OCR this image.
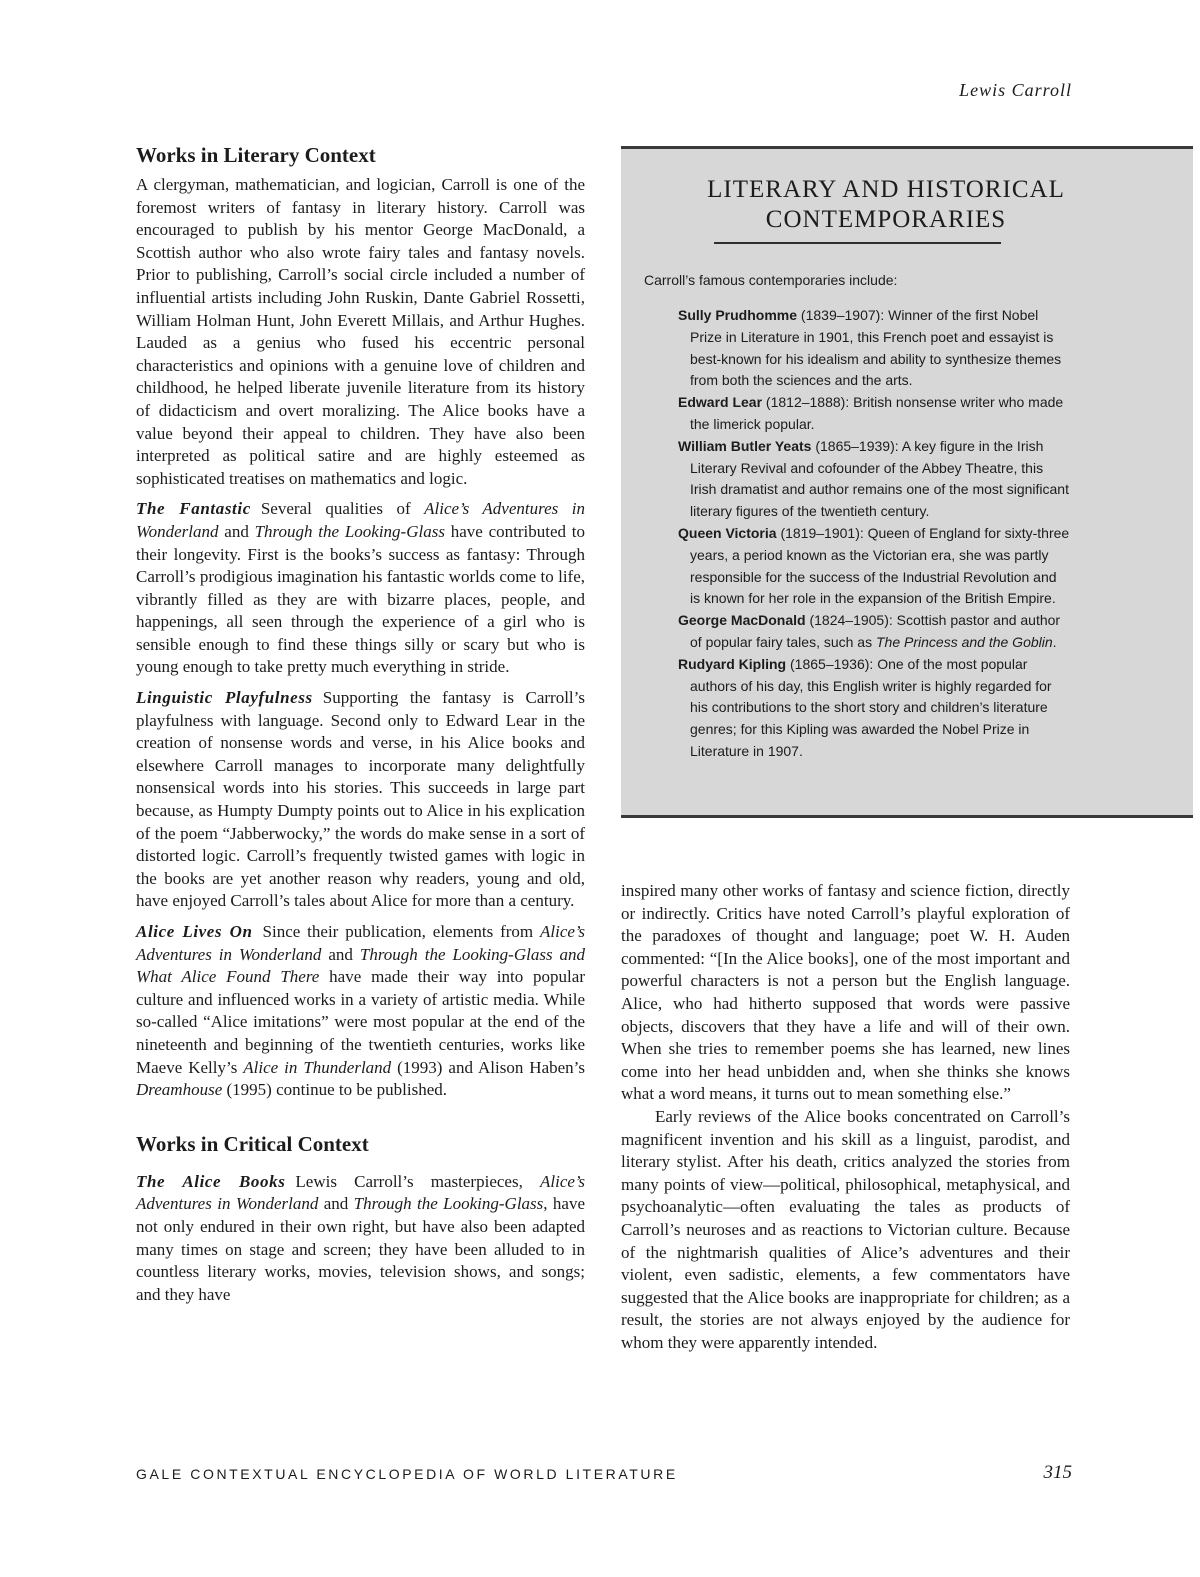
Lewis Carroll
Works in Literary Context

A clergyman, mathematician, and logician, Carroll is one of the foremost writers of fantasy in literary history. Carroll was encouraged to publish by his mentor George MacDonald, a Scottish author who also wrote fairy tales and fantasy novels. Prior to publishing, Carroll’s social circle included a number of influential artists including John Ruskin, Dante Gabriel Rossetti, William Holman Hunt, John Everett Millais, and Arthur Hughes. Lauded as a genius who fused his eccentric personal characteristics and opinions with a genuine love of children and childhood, he helped liberate juvenile literature from its history of didacticism and overt moralizing. The Alice books have a value beyond their appeal to children. They have also been interpreted as political satire and are highly esteemed as sophisticated treatises on mathematics and logic.

The Fantastic Several qualities of Alice’s Adventures in Wonderland and Through the Looking-Glass have contributed to their longevity. First is the books’s success as fantasy: Through Carroll’s prodigious imagination his fantastic worlds come to life, vibrantly filled as they are with bizarre places, people, and happenings, all seen through the experience of a girl who is sensible enough to find these things silly or scary but who is young enough to take pretty much everything in stride.

Linguistic Playfulness Supporting the fantasy is Carroll’s playfulness with language. Second only to Edward Lear in the creation of nonsense words and verse, in his Alice books and elsewhere Carroll manages to incorporate many delightfully nonsensical words into his stories. This succeeds in large part because, as Humpty Dumpty points out to Alice in his explication of the poem “Jabberwocky,” the words do make sense in a sort of distorted logic. Carroll’s frequently twisted games with logic in the books are yet another reason why readers, young and old, have enjoyed Carroll’s tales about Alice for more than a century.

Alice Lives On Since their publication, elements from Alice’s Adventures in Wonderland and Through the Looking-Glass and What Alice Found There have made their way into popular culture and influenced works in a variety of artistic media. While so-called “Alice imitations” were most popular at the end of the nineteenth and beginning of the twentieth centuries, works like Maeve Kelly’s Alice in Thunderland (1993) and Alison Haben’s Dreamhouse (1995) continue to be published.

Works in Critical Context

The Alice Books Lewis Carroll’s masterpieces, Alice’s Adventures in Wonderland and Through the Looking-Glass, have not only endured in their own right, but have also been adapted many times on stage and screen; they have been alluded to in countless literary works, movies, television shows, and songs; and they have

LITERARY AND HISTORICAL
CONTEMPORARIES
Carroll’s famous contemporaries include:

Sully Prudhomme (1839–1907): Winner of the first Nobel Prize in Literature in 1901, this French poet and essayist is best-known for his idealism and ability to synthesize themes from both the sciences and the arts.

Edward Lear (1812–1888): British nonsense writer who made the limerick popular.

William Butler Yeats (1865–1939): A key figure in the Irish Literary Revival and cofounder of the Abbey Theatre, this Irish dramatist and author remains one of the most significant literary figures of the twentieth century.

Queen Victoria (1819–1901): Queen of England for sixty-three years, a period known as the Victorian era, she was partly responsible for the success of the Industrial Revolution and is known for her role in the expansion of the British Empire.

George MacDonald (1824–1905): Scottish pastor and author of popular fairy tales, such as The Princess and the Goblin.

Rudyard Kipling (1865–1936): One of the most popular authors of his day, this English writer is highly regarded for his contributions to the short story and children’s literature genres; for this Kipling was awarded the Nobel Prize in Literature in 1907.

inspired many other works of fantasy and science fiction, directly or indirectly. Critics have noted Carroll’s playful exploration of the paradoxes of thought and language; poet W. H. Auden commented: “[In the Alice books], one of the most important and powerful characters is not a person but the English language. Alice, who had hitherto supposed that words were passive objects, discovers that they have a life and will of their own. When she tries to remember poems she has learned, new lines come into her head unbidden and, when she thinks she knows what a word means, it turns out to mean something else.”

Early reviews of the Alice books concentrated on Carroll’s magnificent invention and his skill as a linguist, parodist, and literary stylist. After his death, critics analyzed the stories from many points of view—political, philosophical, metaphysical, and psychoanalytic—often evaluating the tales as products of Carroll’s neuroses and as reactions to Victorian culture. Because of the nightmarish qualities of Alice’s adventures and their violent, even sadistic, elements, a few commentators have suggested that the Alice books are inappropriate for children; as a result, the stories are not always enjoyed by the audience for whom they were apparently intended.

GALE CONTEXTUAL ENCYCLOPEDIA OF WORLD LITERATURE	315
